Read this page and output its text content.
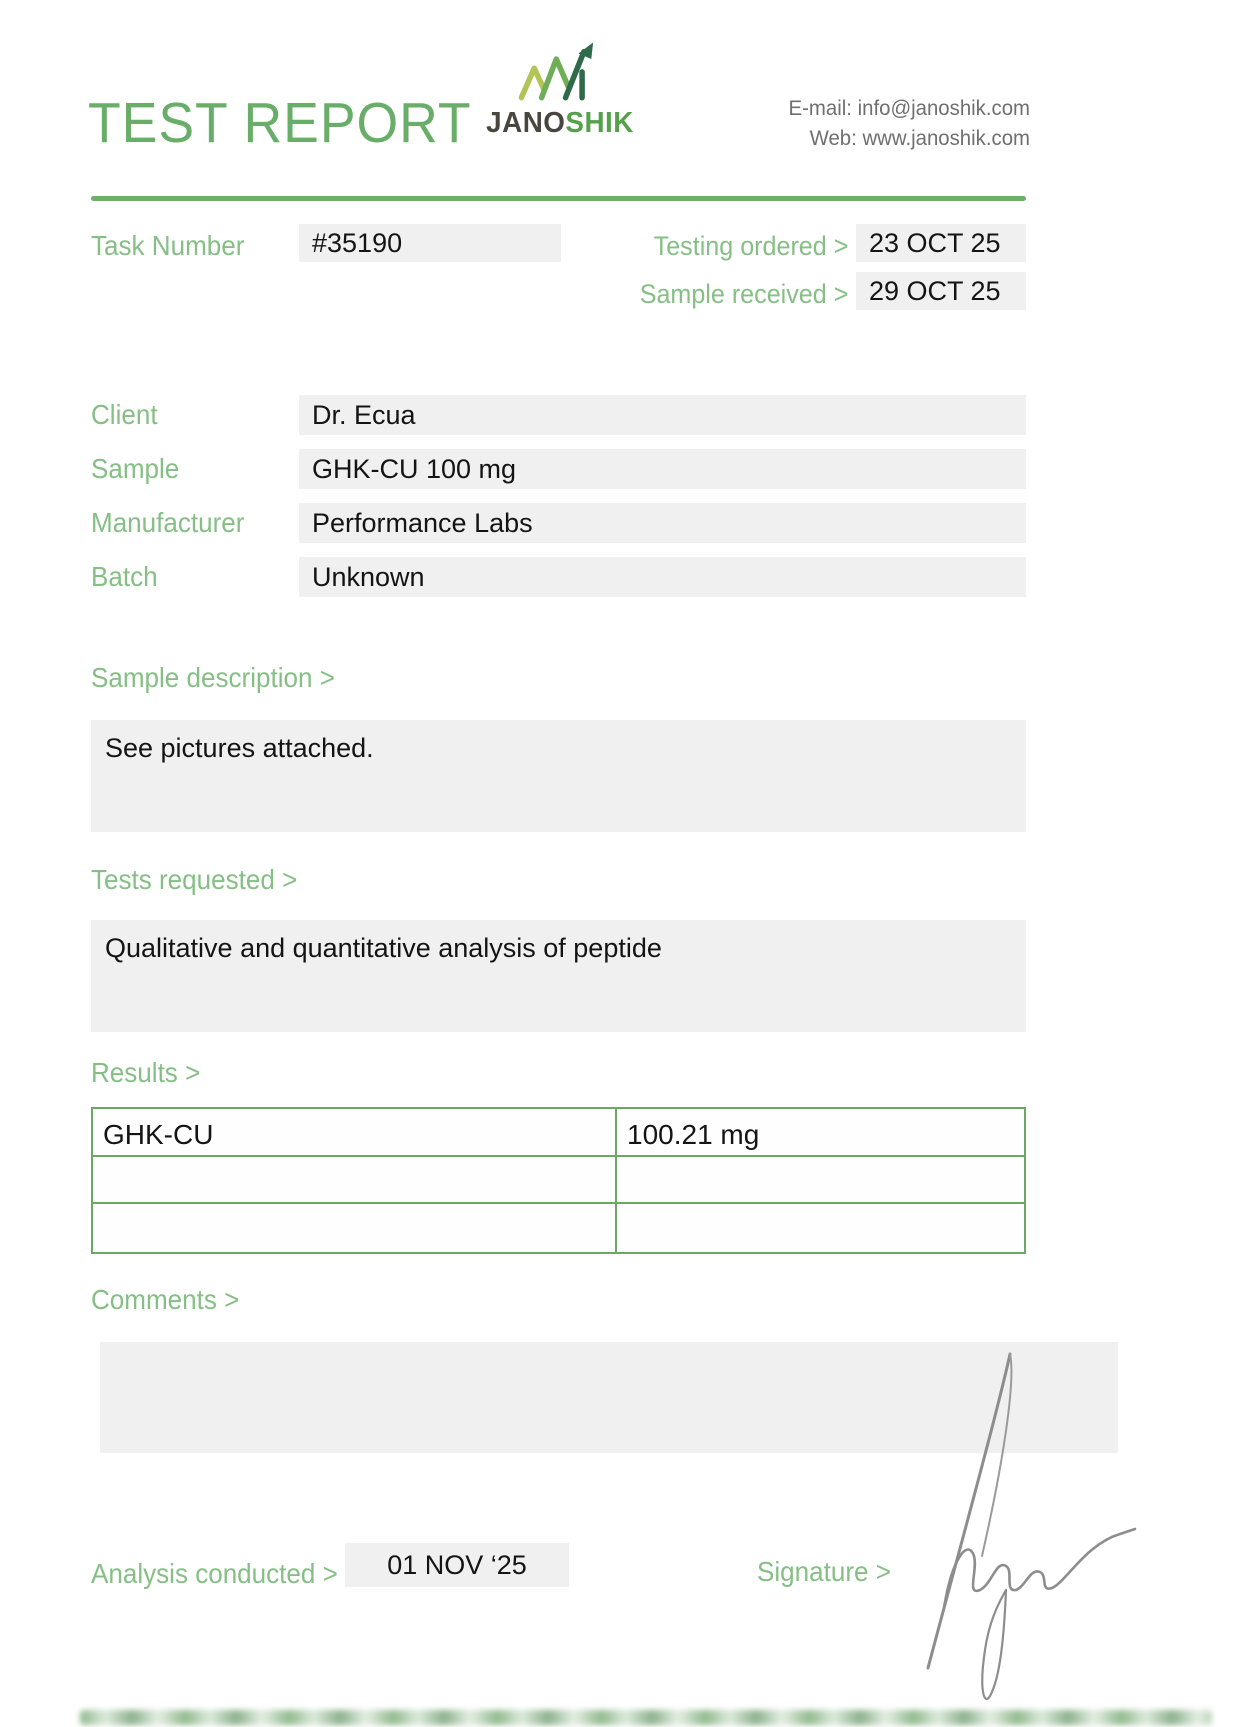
TEST REPORT JANOSHIK	E-mail: info@janoshik.com
Web: www.janoshik.com
Task Number	#35190	Testing ordered > 23 OCT 25
Sample received > 29 OCT 25
Client	Dr. Ecua
Sample	GHK-CU 100 mg
Manufacturer	Performance Labs
Batch	Unknown
Sample description >
See pictures attached.
Tests requested >
Qualitative and quantitative analysis of peptide
Results >
GHK-CU	100.21 mg
Comments >
Analysis conducted >	01 NOV ‘25	Signature >
